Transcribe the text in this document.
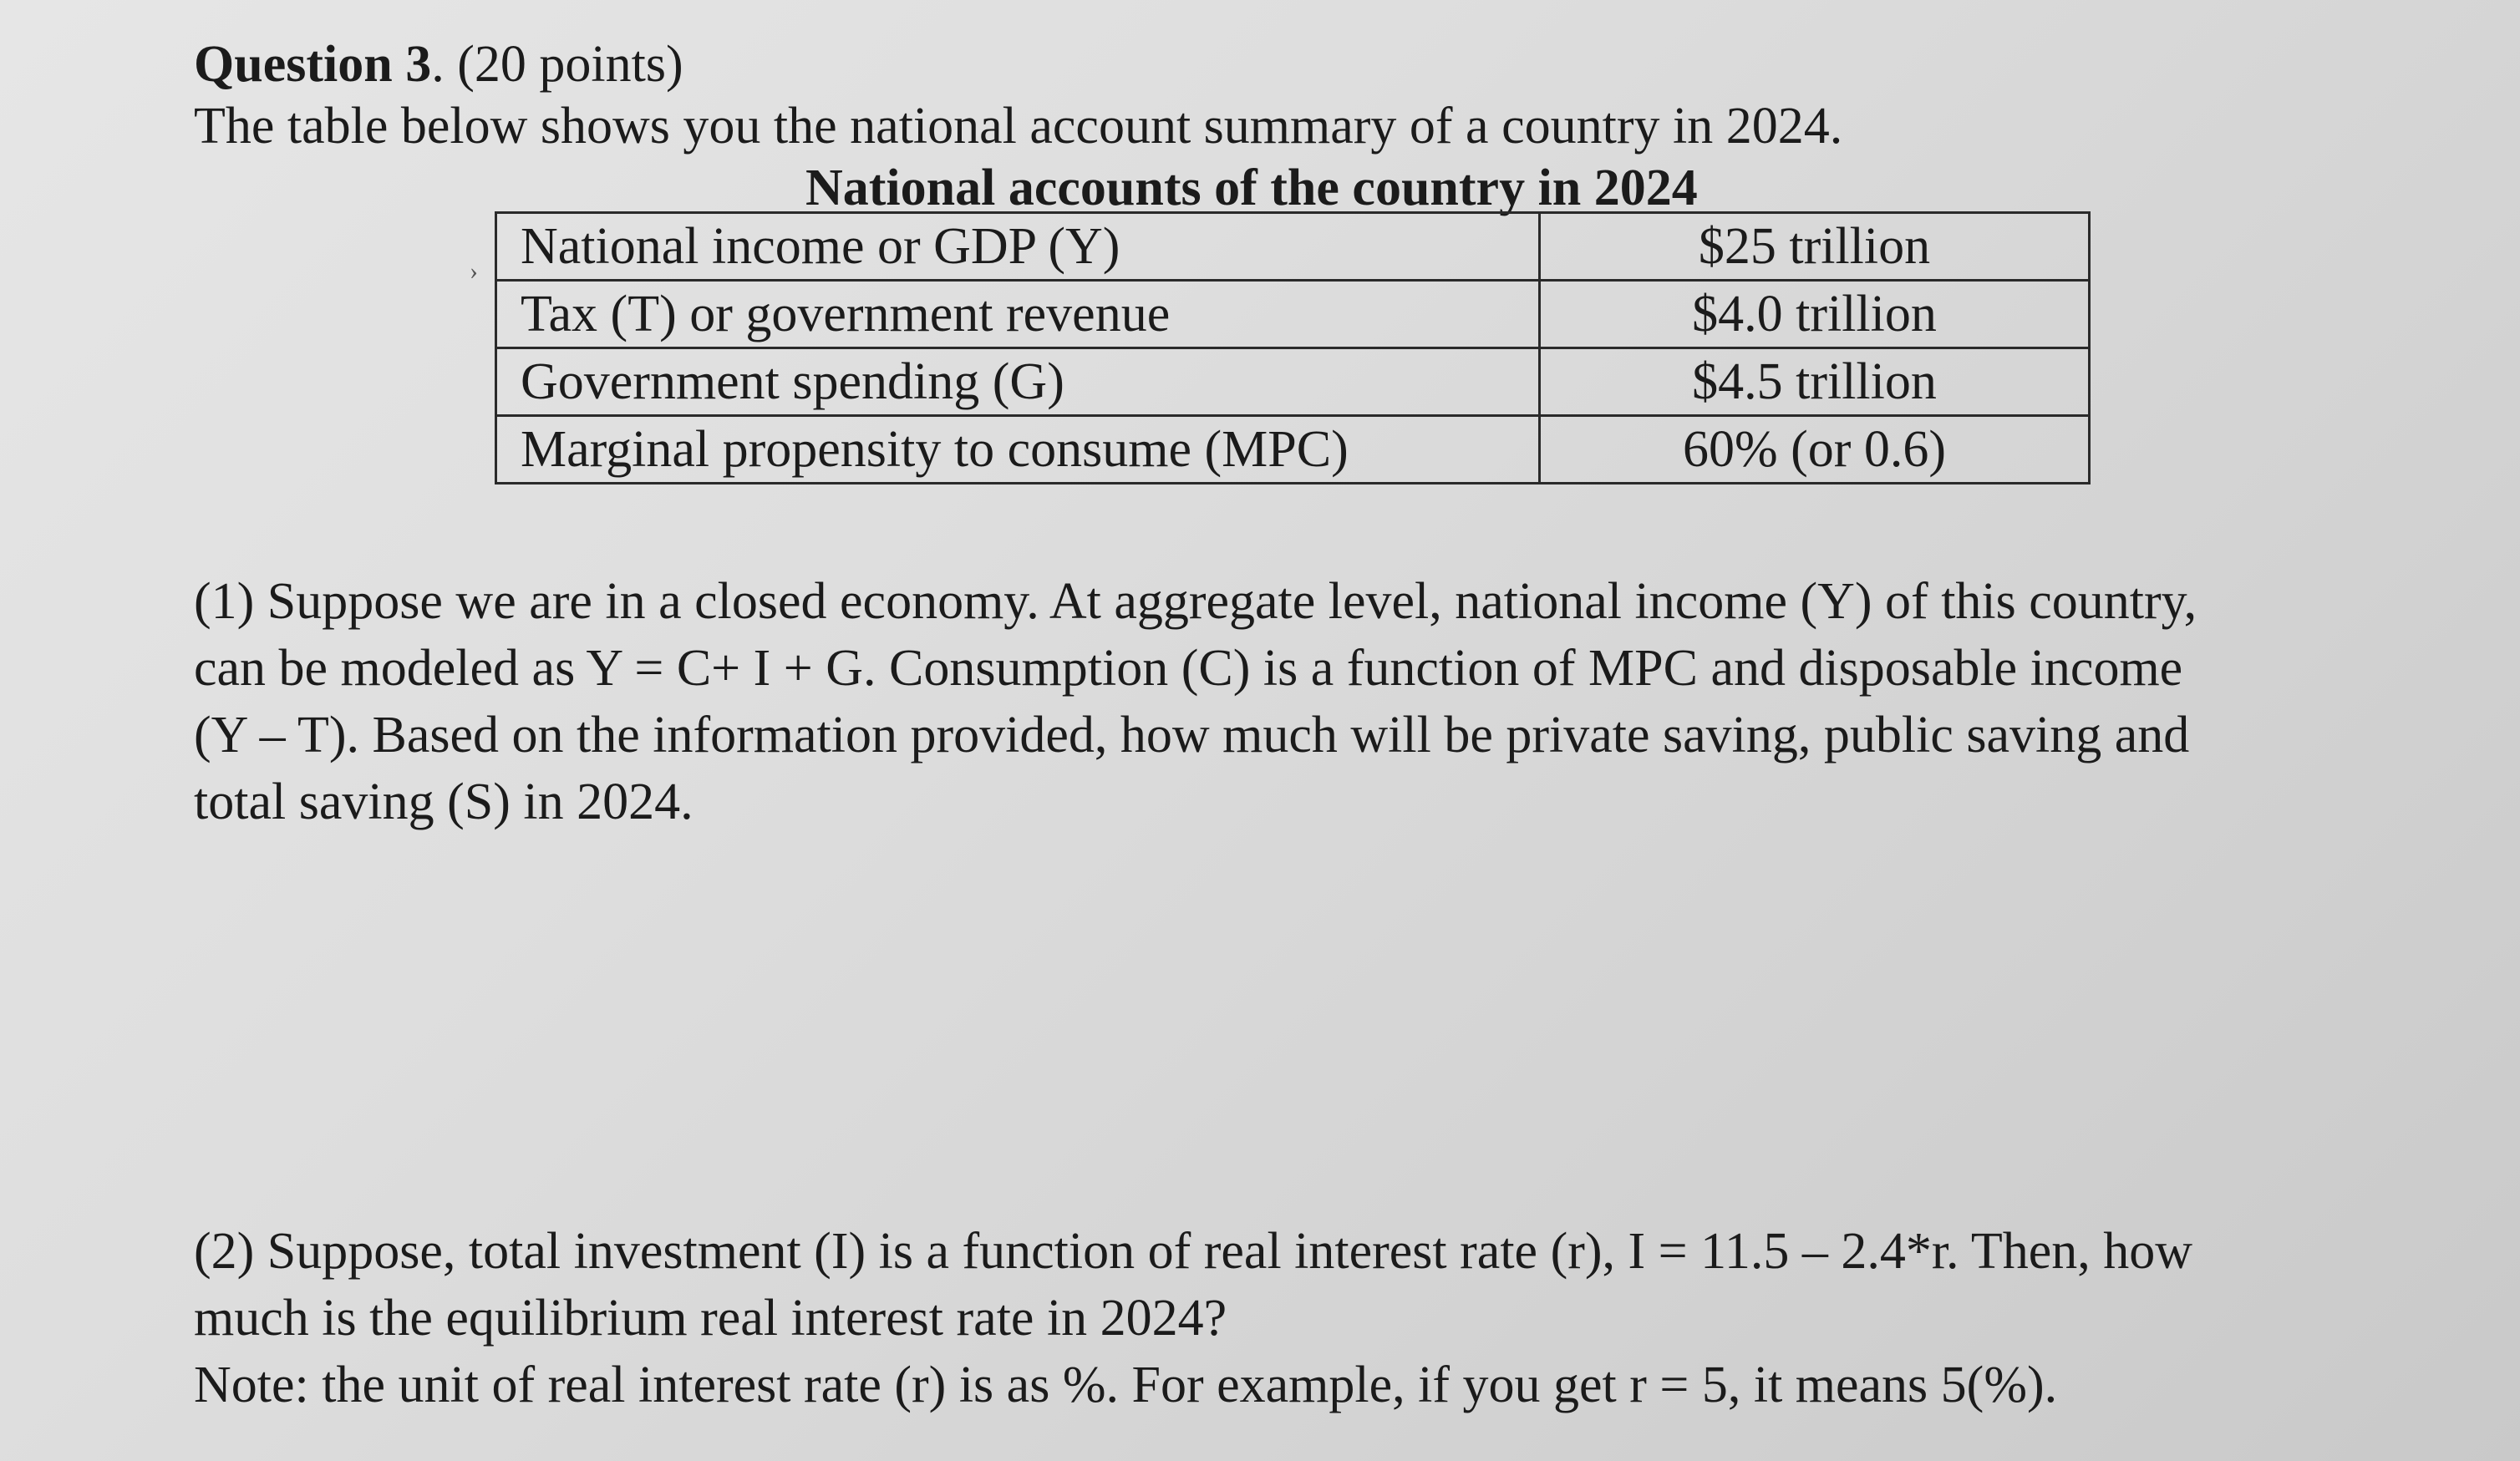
Question 3. (20 points)

The table below shows you the national account summary of a country in 2024.

National accounts of the country in 2024
› National income or GDP (Y)	$25 trillion
Tax (T) or government revenue	$4.0 trillion
Government spending (G)	$4.5 trillion
Marginal propensity to consume (MPC)	60% (or 0.6)
(1) Suppose we are in a closed economy. At aggregate level, national income (Y) of this country,
can be modeled as Y = C+ I + G. Consumption (C) is a function of MPC and disposable income
(Y – T). Based on the information provided, how much will be private saving, public saving and
total saving (S) in 2024.
(2) Suppose, total investment (I) is a function of real interest rate (r), I = 11.5 – 2.4*r. Then, how
much is the equilibrium real interest rate in 2024?
Note: the unit of real interest rate (r) is as %. For example, if you get r = 5, it means 5(%).
